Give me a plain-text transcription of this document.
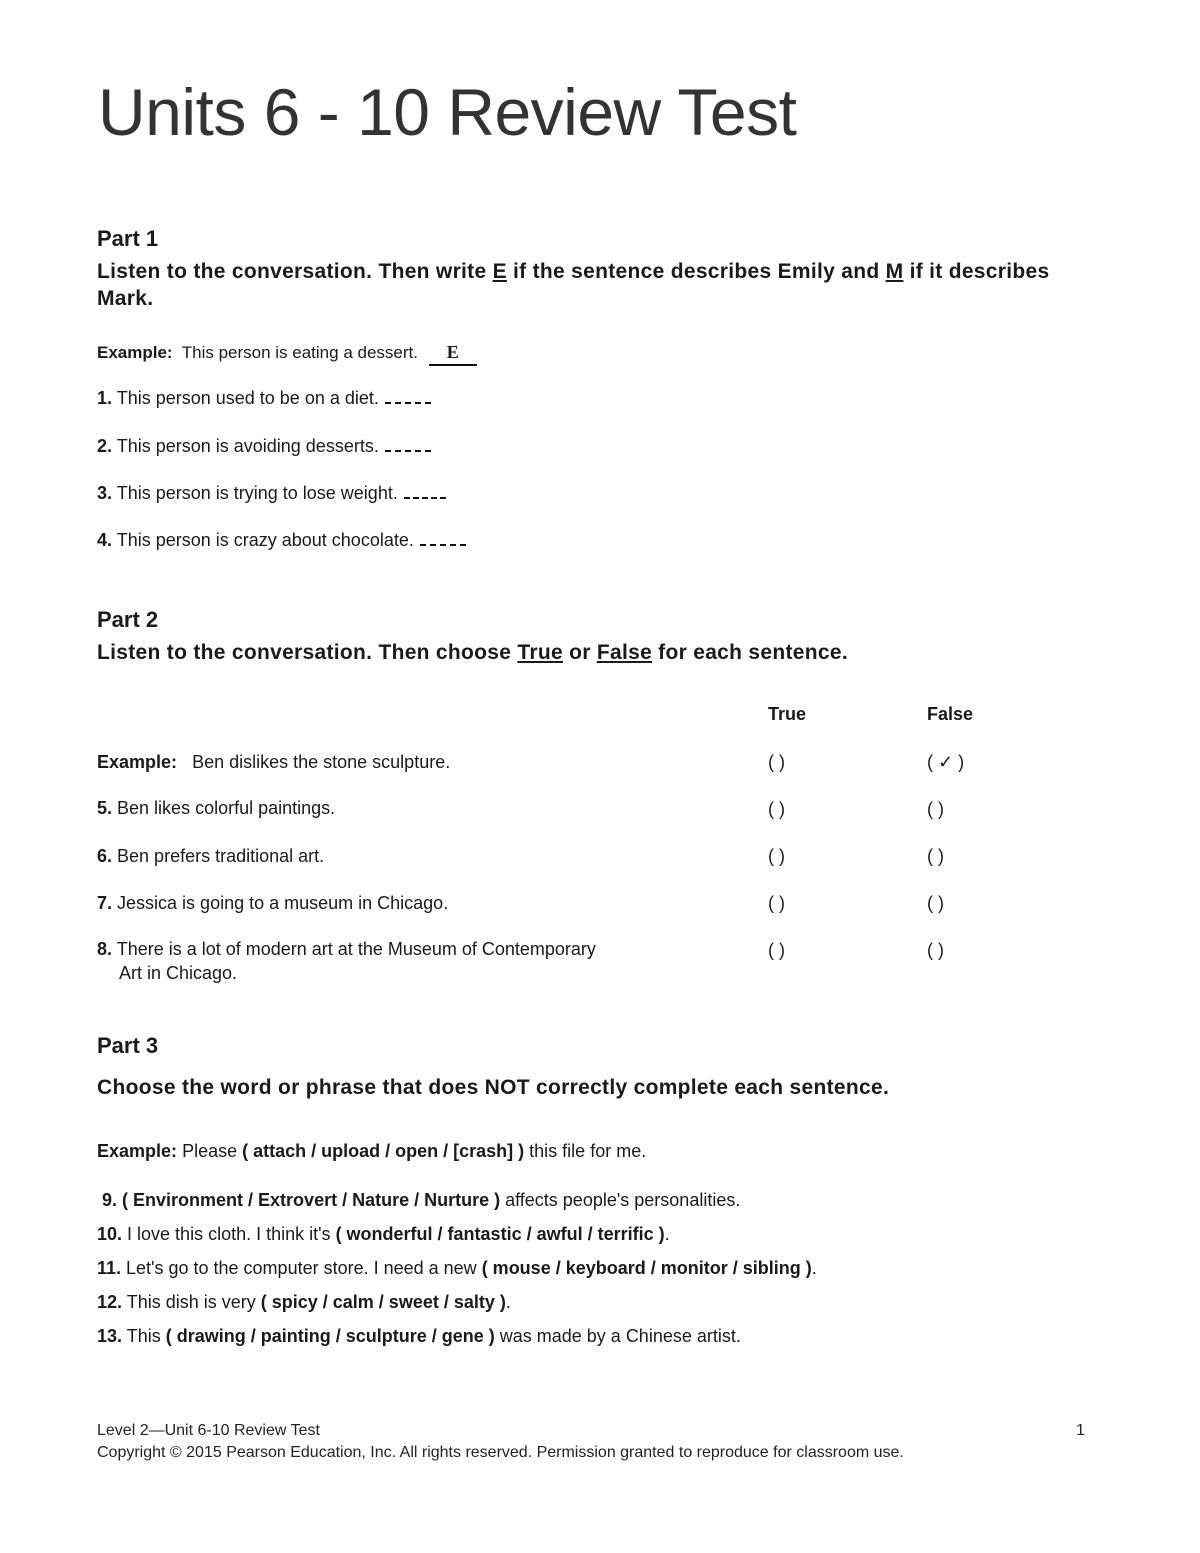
Units 6 - 10 Review Test
Part 1
Listen to the conversation. Then write E if the sentence describes Emily and M if it describes Mark.
Example: This person is eating a dessert. E
1. This person used to be on a diet.
2. This person is avoiding desserts.
3. This person is trying to lose weight.
4. This person is crazy about chocolate.
Part 2
Listen to the conversation. Then choose True or False for each sentence.
True	False
Example: Ben dislikes the stone sculpture.	( )	( ✓ )
5. Ben likes colorful paintings.	( )	( )
6. Ben prefers traditional art.	( )	( )
7. Jessica is going to a museum in Chicago.	( )	( )
8. There is a lot of modern art at the Museum of Contemporary
Art in Chicago.
( )	( )
Part 3
Choose the word or phrase that does NOT correctly complete each sentence.
Example: Please ( attach / upload / open / [crash] ) this file for me.
9. ( Environment / Extrovert / Nature / Nurture ) affects people's personalities.
10. I love this cloth. I think it's ( wonderful / fantastic / awful / terrific ).
11. Let's go to the computer store. I need a new ( mouse / keyboard / monitor / sibling ).
12. This dish is very ( spicy / calm / sweet / salty ).
13. This ( drawing / painting / sculpture / gene ) was made by a Chinese artist.
Level 2—Unit 6-10 Review Test	1
Copyright © 2015 Pearson Education, Inc. All rights reserved. Permission granted to reproduce for classroom use.
